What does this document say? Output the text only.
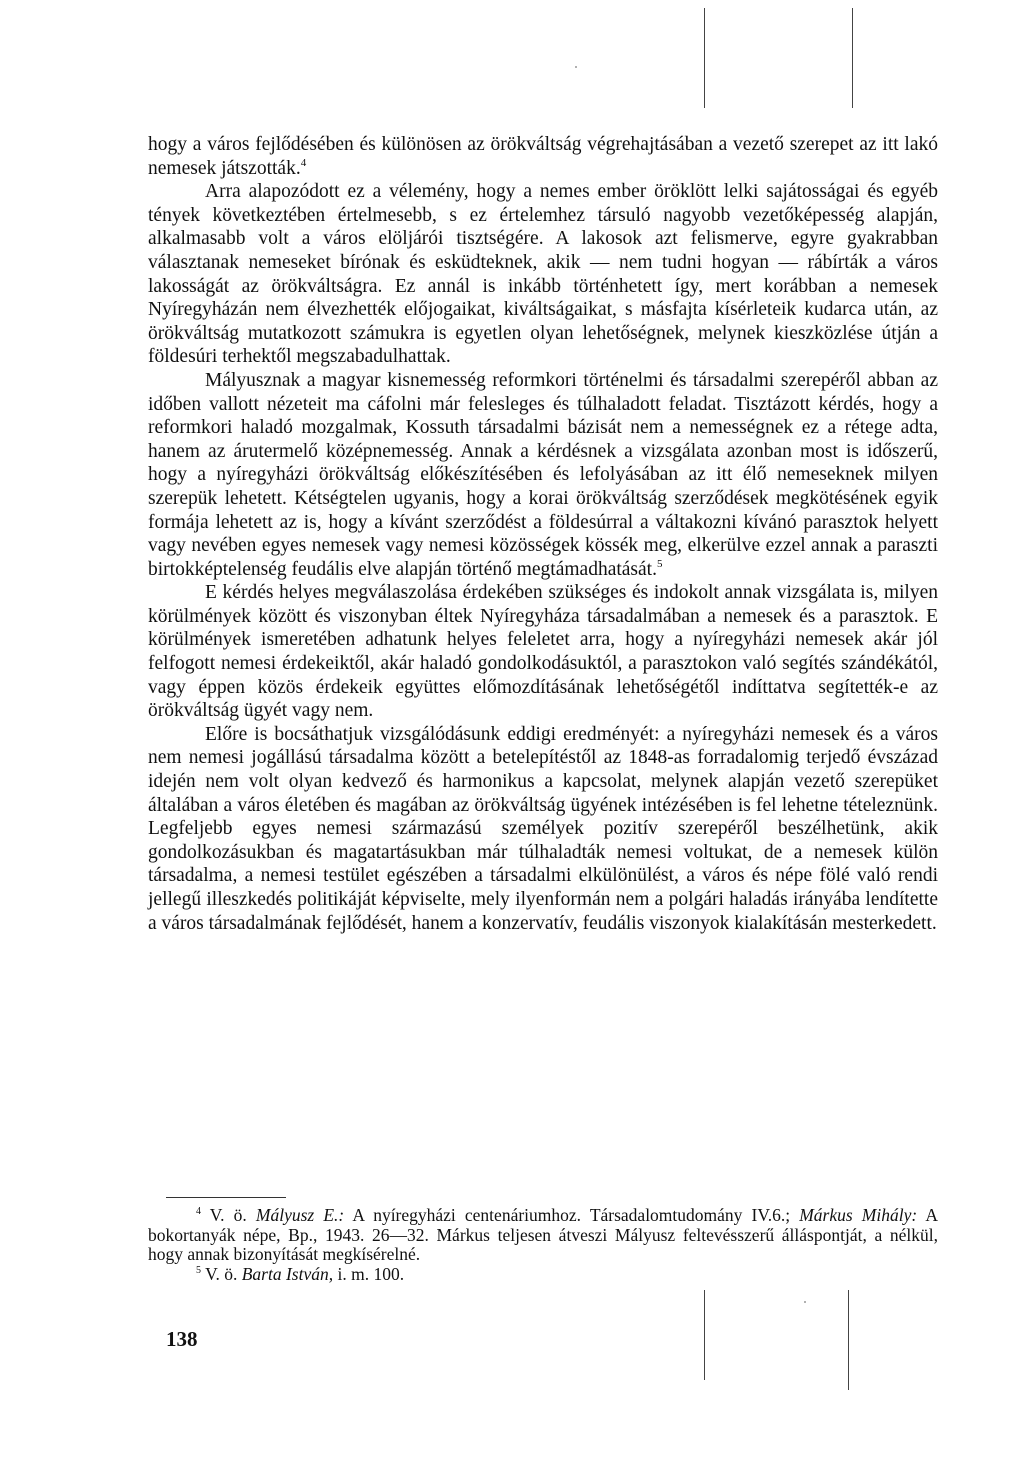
hogy a város fejlődésében és különösen az örökváltság végrehajtásában a vezető szerepet az itt lakó nemesek játszották.$^4$

Arra alapozódott ez a vélemény, hogy a nemes ember öröklött lelki sajátosságai és egyéb tények következtében értelmesebb, s ez értelemhez társuló nagyobb vezetőképesség alapján, alkalmasabb volt a város elöljárói tisztségére. A lakosok azt felismerve, egyre gyakrabban választanak nemeseket bírónak és esküdteknek, akik — nem tudni hogyan — rábírták a város lakosságát az örökváltságra. Ez annál is inkább történhetett így, mert korábban a nemesek Nyíregyházán nem élvezhették előjogaikat, kiváltságaikat, s másfajta kísérleteik kudarca után, az örökváltság mutatkozott számukra is egyetlen olyan lehetőségnek, melynek kieszközlése útján a földesúri terhektől megszabadulhattak.

Mályusznak a magyar kisnemesség reformkori történelmi és társadalmi szerepéről abban az időben vallott nézeteit ma cáfolni már felesleges és túlhaladott feladat. Tisztázott kérdés, hogy a reformkori haladó mozgalmak, Kossuth társadalmi bázisát nem a nemességnek ez a rétege adta, hanem az árutermelő középnemesség. Annak a kérdésnek a vizsgálata azonban most is időszerű, hogy a nyíregyházi örökváltság előkészítésében és lefolyásában az itt élő nemeseknek milyen szerepük lehetett. Kétségtelen ugyanis, hogy a korai örökváltság szerződések megkötésének egyik formája lehetett az is, hogy a kívánt szerződést a földesúrral a váltakozni kívánó parasztok helyett vagy nevében egyes nemesek vagy nemesi közösségek kössék meg, elkerülve ezzel annak a paraszti birtokképtelenség feudális elve alapján történő megtámadhatását.$^5$

E kérdés helyes megválaszolása érdekében szükséges és indokolt annak vizsgálata is, milyen körülmények között és viszonyban éltek Nyíregyháza társadalmában a nemesek és a parasztok. E körülmények ismeretében adhatunk helyes feleletet arra, hogy a nyíregyházi nemesek akár jól felfogott nemesi érdekeiktől, akár haladó gondolkodásuktól, a parasztokon való segítés szándékától, vagy éppen közös érdekeik együttes előmozdításának lehetőségétől indíttatva segítették-e az örökváltság ügyét vagy nem.

Előre is bocsáthatjuk vizsgálódásunk eddigi eredményét: a nyíregyházi nemesek és a város nem nemesi jogállású társadalma között a betelepítéstől az 1848-as forradalomig terjedő évszázad idején nem volt olyan kedvező és harmonikus a kapcsolat, melynek alapján vezető szerepüket általában a város életében és magában az örökváltság ügyének intézésében is fel lehetne tételeznünk. Legfeljebb egyes nemesi származású személyek pozitív szerepéről beszélhetünk, akik gondolkozásukban és magatartásukban már túlhaladták nemesi voltukat, de a nemesek külön társadalma, a nemesi testület egészében a társadalmi elkülönülést, a város és népe fölé való rendi jellegű illeszkedés politikáját képviselte, mely ilyenformán nem a polgári haladás irányába lendítette a város társadalmának fejlődését, hanem a konzervatív, feudális viszonyok kialakításán mesterkedett.

$^4$ V. ö. Mályusz E.: A nyíregyházi centenáriumhoz. Társadalomtudomány IV.6.; Márkus Mihály: A bokortanyák népe, Bp., 1943. 26—32. Márkus teljesen átveszi Mályusz feltevésszerű álláspontját, a nélkül, hogy annak bizonyítását megkísérelné.

$^5$ V. ö. Barta István, i. m. 100.

138
